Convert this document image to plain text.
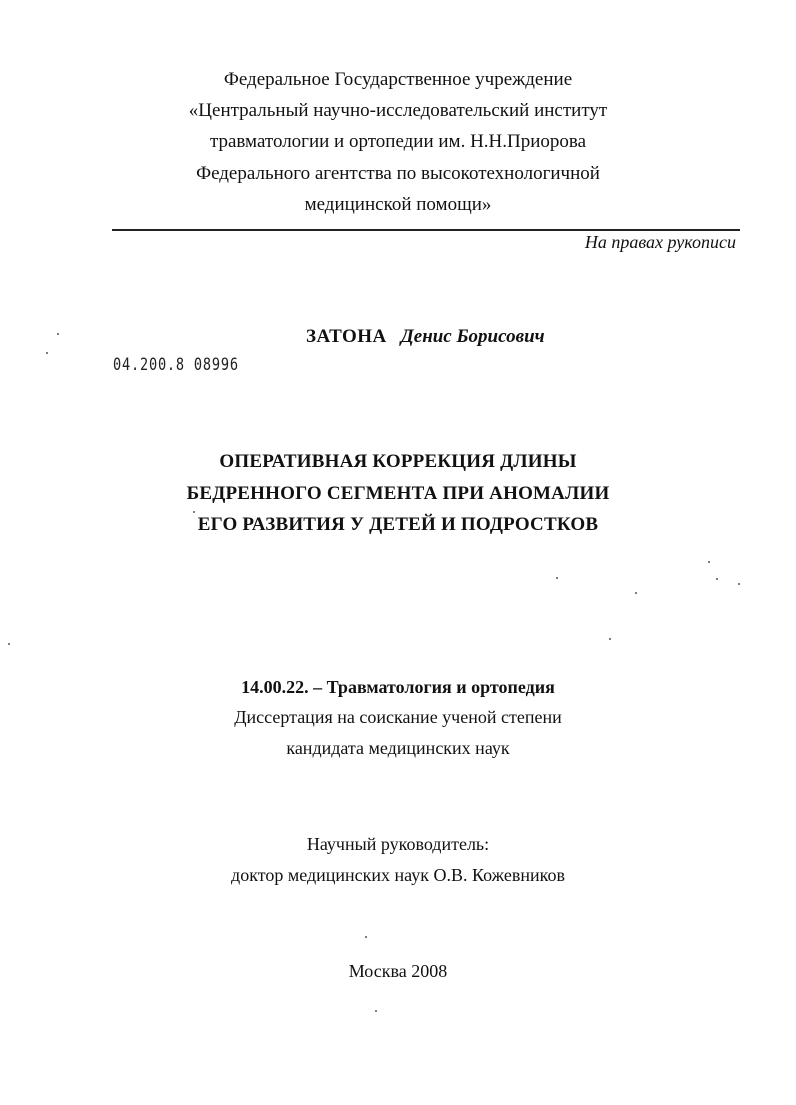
Федеральное Государственное учреждение
«Центральный научно-исследовательский институт
травматологии и ортопедии им. Н.Н.Приорова
Федерального агентства по высокотехнологичной
медицинской помощи»
На правах рукописи
ЗАТОНА Денис Борисович
04.200.8 08996
ОПЕРАТИВНАЯ КОРРЕКЦИЯ ДЛИНЫ
БЕДРЕННОГО СЕГМЕНТА ПРИ АНОМАЛИИ
ЕГО РАЗВИТИЯ У ДЕТЕЙ И ПОДРОСТКОВ
14.00.22. – Травматология и ортопедия
Диссертация на соискание ученой степени
кандидата медицинских наук
Научный руководитель:
доктор медицинских наук О.В. Кожевников
Москва 2008
